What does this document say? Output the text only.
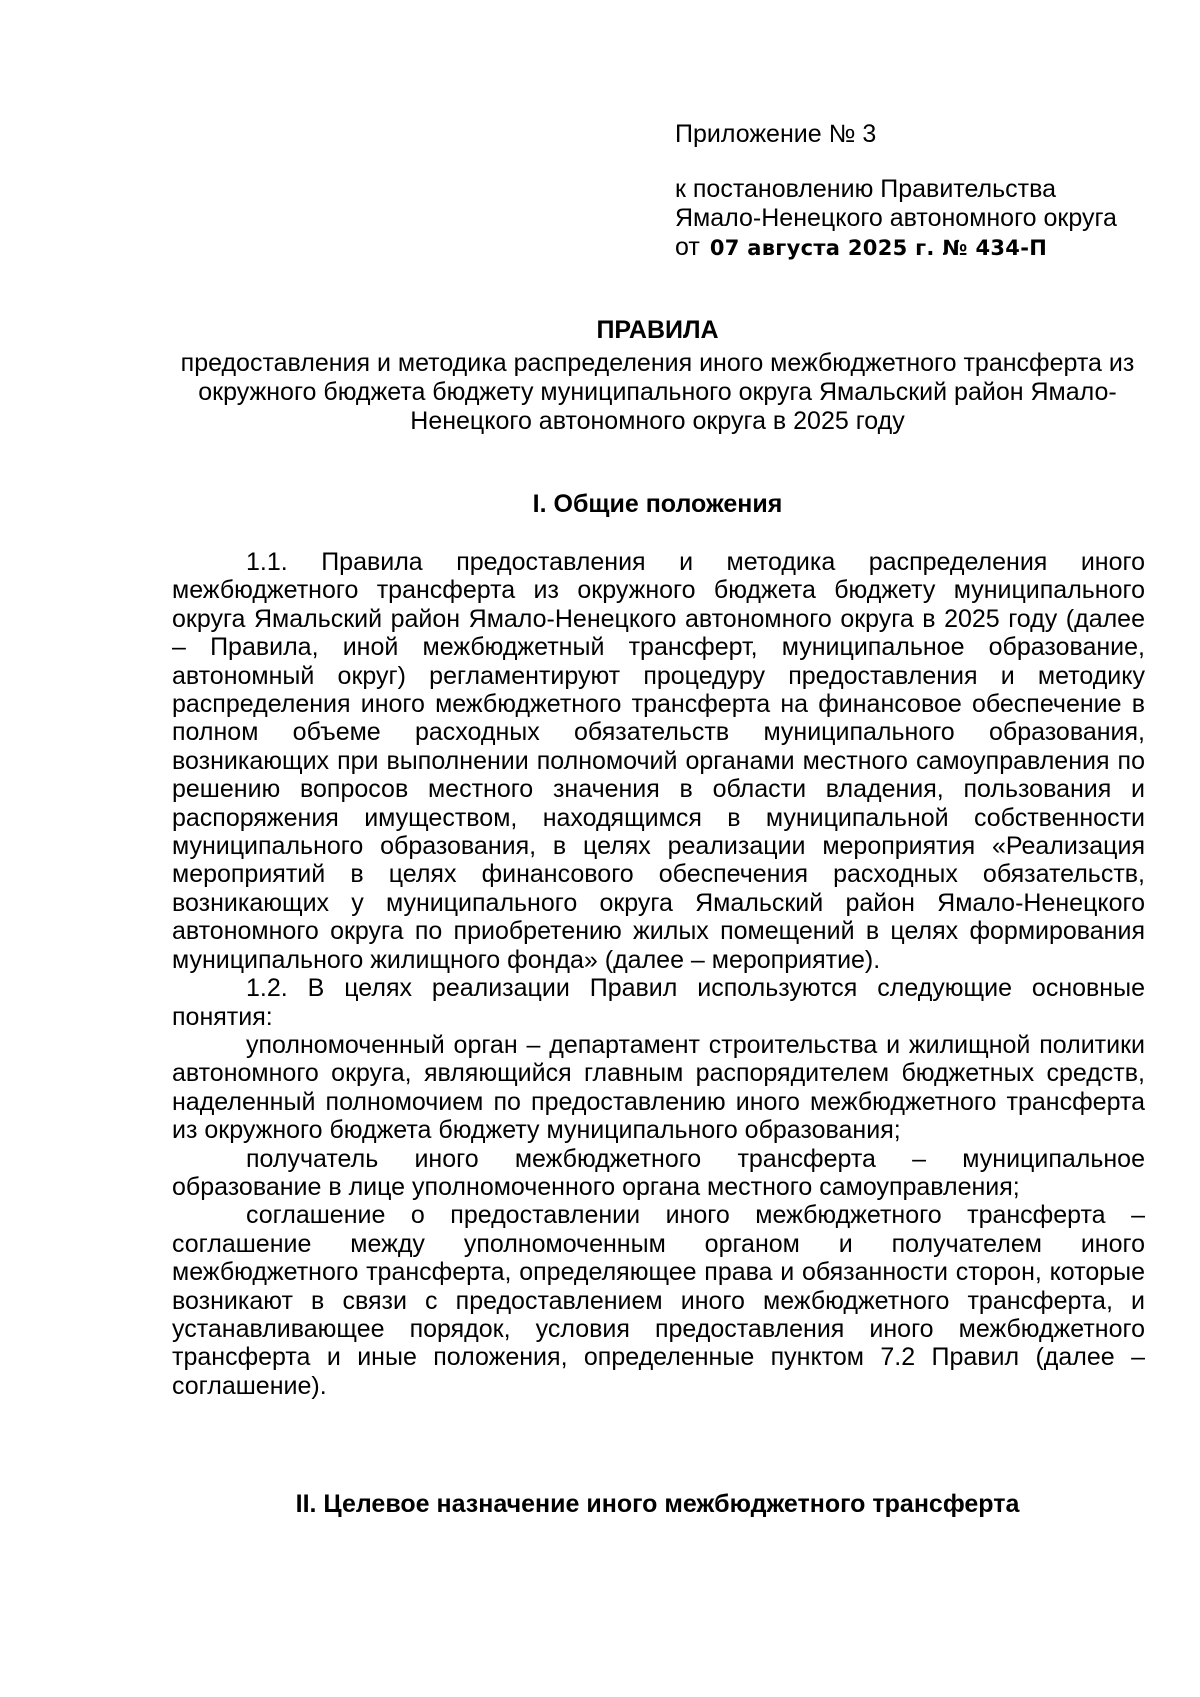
Приложение № 3
к постановлению Правительства
Ямало-Ненецкого автономного округа
от 07 августа 2025 г. № 434-П
ПРАВИЛА
предоставления и методика распределения иного межбюджетного трансферта из окружного бюджета бюджету муниципального округа Ямальский район Ямало-Ненецкого автономного округа в 2025 году
I. Общие положения

1.1. Правила предоставления и методика распределения иного межбюджетного трансферта из окружного бюджета бюджету муниципального округа Ямальский район Ямало-Ненецкого автономного округа в 2025 году (далее – Правила, иной межбюджетный трансферт, муниципальное образование, автономный округ) регламентируют процедуру предоставления и методику распределения иного межбюджетного трансферта на финансовое обеспечение в полном объеме расходных обязательств муниципального образования, возникающих при выполнении полномочий органами местного самоуправления по решению вопросов местного значения в области владения, пользования и распоряжения имуществом, находящимся в муниципальной собственности муниципального образования, в целях реализации мероприятия «Реализация мероприятий в целях финансового обеспечения расходных обязательств, возникающих у муниципального округа Ямальский район Ямало-Ненецкого автономного округа по приобретению жилых помещений в целях формирования муниципального жилищного фонда» (далее – мероприятие).

1.2. В целях реализации Правил используются следующие основные понятия:

уполномоченный орган – департамент строительства и жилищной политики автономного округа, являющийся главным распорядителем бюджетных средств, наделенный полномочием по предоставлению иного межбюджетного трансферта из окружного бюджета бюджету муниципального образования;

получатель иного межбюджетного трансферта – муниципальное образование в лице уполномоченного органа местного самоуправления;

соглашение о предоставлении иного межбюджетного трансферта – соглашение между уполномоченным органом и получателем иного межбюджетного трансферта, определяющее права и обязанности сторон, которые возникают в связи с предоставлением иного межбюджетного трансферта, и устанавливающее порядок, условия предоставления иного межбюджетного трансферта и иные положения, определенные пунктом 7.2 Правил (далее – соглашение).

II. Целевое назначение иного межбюджетного трансферта
